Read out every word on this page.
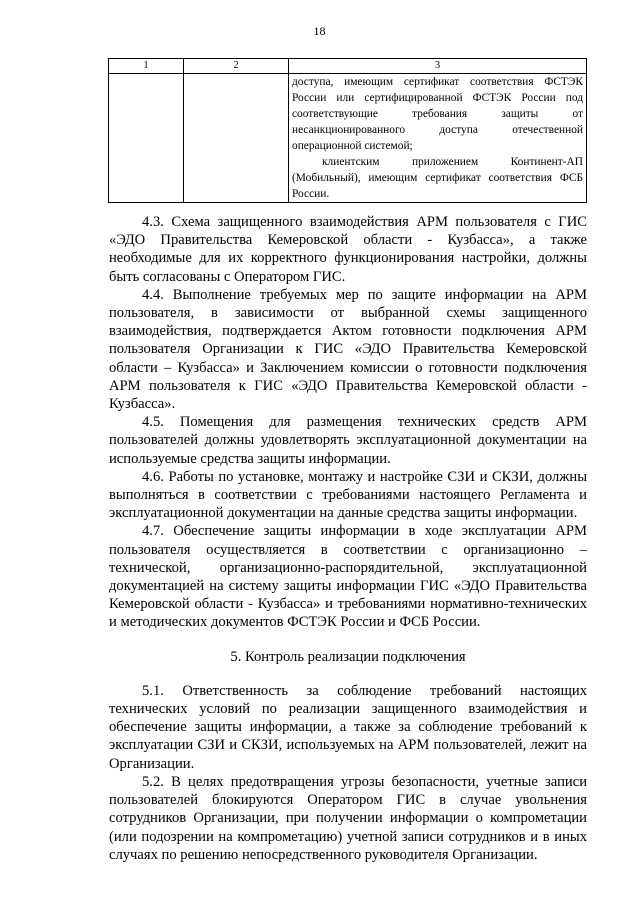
18
1	2	3

		доступа, имеющим сертификат соответствия ФСТЭК России или сертифицированной ФСТЭК России под соответствующие требования защиты от несанкционированного доступа отечественной операционной системой;

клиентским приложением Континент-АП (Мобильный), имеющим сертификат соответствия ФСБ России.

4.3. Схема защищенного взаимодействия АРМ пользователя с ГИС «ЭДО Правительства Кемеровской области - Кузбасса», а также необходимые для их корректного функционирования настройки, должны быть согласованы с Оператором ГИС.

4.4. Выполнение требуемых мер по защите информации на АРМ пользователя, в зависимости от выбранной схемы защищенного взаимодействия, подтверждается Актом готовности подключения АРМ пользователя Организации к ГИС «ЭДО Правительства Кемеровской области – Кузбасса» и Заключением комиссии о готовности подключения АРМ пользователя к ГИС «ЭДО Правительства Кемеровской области - Кузбасса».

4.5. Помещения для размещения технических средств АРМ пользователей должны удовлетворять эксплуатационной документации на используемые средства защиты информации.

4.6. Работы по установке, монтажу и настройке СЗИ и СКЗИ, должны выполняться в соответствии с требованиями настоящего Регламента и эксплуатационной документации на данные средства защиты информации.

4.7. Обеспечение защиты информации в ходе эксплуатации АРМ пользователя осуществляется в соответствии с организационно – технической, организационно-распорядительной, эксплуатационной документацией на систему защиты информации ГИС «ЭДО Правительства Кемеровской области - Кузбасса» и требованиями нормативно-технических и методических документов ФСТЭК России и ФСБ России.

5. Контроль реализации подключения

5.1. Ответственность за соблюдение требований настоящих технических условий по реализации защищенного взаимодействия и обеспечение защиты информации, а также за соблюдение требований к эксплуатации СЗИ и СКЗИ, используемых на АРМ пользователей, лежит на Организации.

5.2. В целях предотвращения угрозы безопасности, учетные записи пользователей блокируются Оператором ГИС в случае увольнения сотрудников Организации, при получении информации о компрометации (или подозрении на компрометацию) учетной записи сотрудников и в иных случаях по решению непосредственного руководителя Организации.
